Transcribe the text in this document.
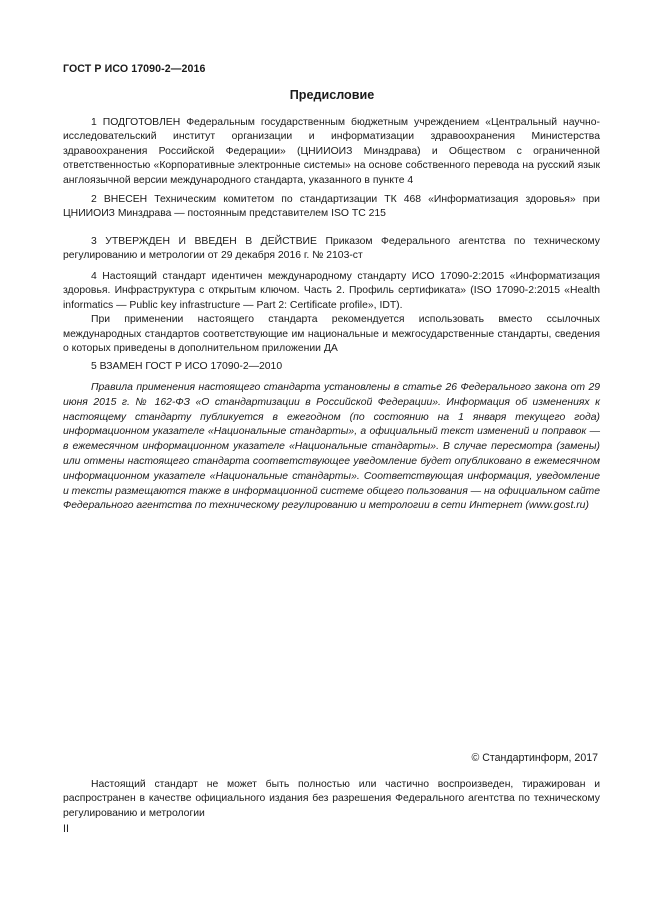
ГОСТ Р ИСО 17090-2—2016
Предисловие

1 ПОДГОТОВЛЕН Федеральным государственным бюджетным учреждением «Центральный научно-исследовательский институт организации и информатизации здравоохранения Министерства здравоохранения Российской Федерации» (ЦНИИОИЗ Минздрава) и Обществом с ограниченной ответственностью «Корпоративные электронные системы» на основе собственного перевода на русский язык англоязычной версии международного стандарта, указанного в пункте 4

2 ВНЕСЕН Техническим комитетом по стандартизации ТК 468 «Информатизация здоровья» при ЦНИИОИЗ Минздрава — постоянным представителем ISO ТС 215

3 УТВЕРЖДЕН И ВВЕДЕН В ДЕЙСТВИЕ Приказом Федерального агентства по техническому регулированию и метрологии от 29 декабря 2016 г. № 2103-ст

4 Настоящий стандарт идентичен международному стандарту ИСО 17090-2:2015 «Информатизация здоровья. Инфраструктура с открытым ключом. Часть 2. Профиль сертификата» (ISO 17090-2:2015 «Health informatics — Public key infrastructure — Part 2: Certificate profile», IDT).

При применении настоящего стандарта рекомендуется использовать вместо ссылочных международных стандартов соответствующие им национальные и межгосударственные стандарты, сведения о которых приведены в дополнительном приложении ДА

5 ВЗАМЕН ГОСТ Р ИСО 17090-2—2010

Правила применения настоящего стандарта установлены в статье 26 Федерального закона от 29 июня 2015 г. № 162-ФЗ «О стандартизации в Российской Федерации». Информация об изменениях к настоящему стандарту публикуется в ежегодном (по состоянию на 1 января текущего года) информационном указателе «Национальные стандарты», а официальный текст изменений и поправок — в ежемесячном информационном указателе «Национальные стандарты». В случае пересмотра (замены) или отмены настоящего стандарта соответствующее уведомление будет опубликовано в ежемесячном информационном указателе «Национальные стандарты». Соответствующая информация, уведомление и тексты размещаются также в информационной системе общего пользования — на официальном сайте Федерального агентства по техническому регулированию и метрологии в сети Интернет (www.gost.ru)

© Стандартинформ, 2017

Настоящий стандарт не может быть полностью или частично воспроизведен, тиражирован и распространен в качестве официального издания без разрешения Федерального агентства по техническому регулированию и метрологии

II
